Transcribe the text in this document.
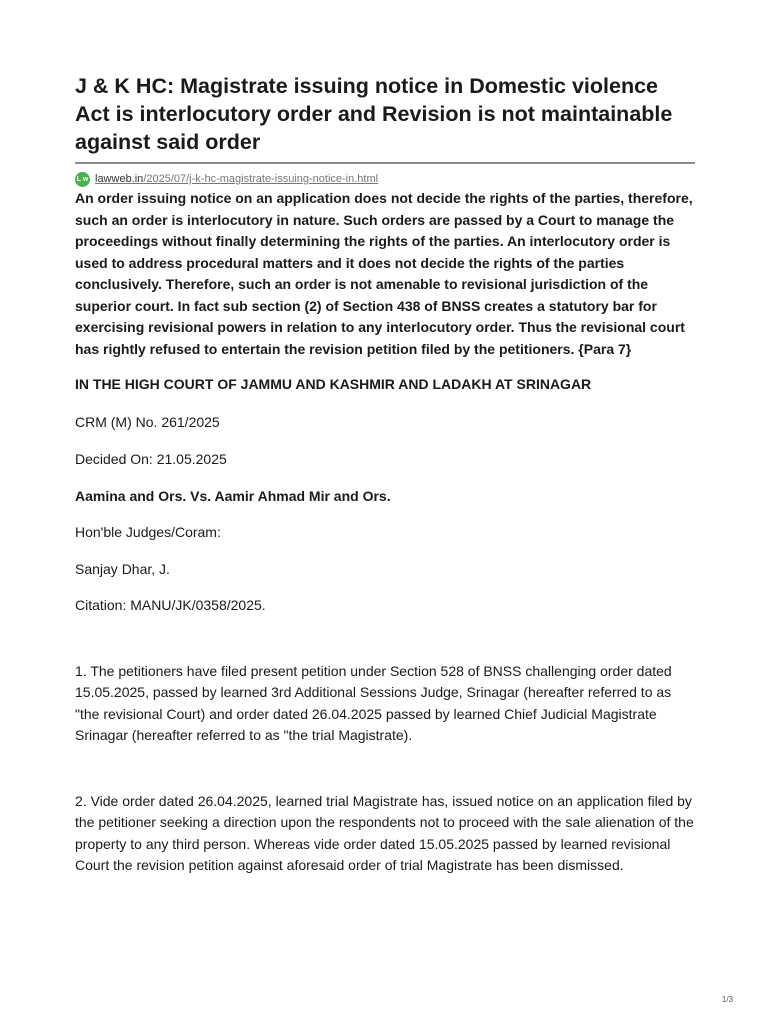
J & K HC: Magistrate issuing notice in Domestic violence Act is interlocutory order and Revision is not maintainable against said order
L w lawweb.in/2025/07/j-k-hc-magistrate-issuing-notice-in.html

An order issuing notice on an application does not decide the rights of the parties, therefore, such an order is interlocutory in nature. Such orders are passed by a Court to manage the proceedings without finally determining the rights of the parties. An interlocutory order is used to address procedural matters and it does not decide the rights of the parties conclusively. Therefore, such an order is not amenable to revisional jurisdiction of the superior court. In fact sub section (2) of Section 438 of BNSS creates a statutory bar for exercising revisional powers in relation to any interlocutory order. Thus the revisional court has rightly refused to entertain the revision petition filed by the petitioners. {Para 7}

IN THE HIGH COURT OF JAMMU AND KASHMIR AND LADAKH AT SRINAGAR

CRM (M) No. 261/2025

Decided On: 21.05.2025

Aamina and Ors. Vs. Aamir Ahmad Mir and Ors.

Hon'ble Judges/Coram:

Sanjay Dhar, J.

Citation: MANU/JK/0358/2025.

1. The petitioners have filed present petition under Section 528 of BNSS challenging order dated 15.05.2025, passed by learned 3rd Additional Sessions Judge, Srinagar (hereafter referred to as "the revisional Court) and order dated 26.04.2025 passed by learned Chief Judicial Magistrate Srinagar (hereafter referred to as "the trial Magistrate).

2. Vide order dated 26.04.2025, learned trial Magistrate has, issued notice on an application filed by the petitioner seeking a direction upon the respondents not to proceed with the sale alienation of the property to any third person. Whereas vide order dated 15.05.2025 passed by learned revisional Court the revision petition against aforesaid order of trial Magistrate has been dismissed.

1/3
